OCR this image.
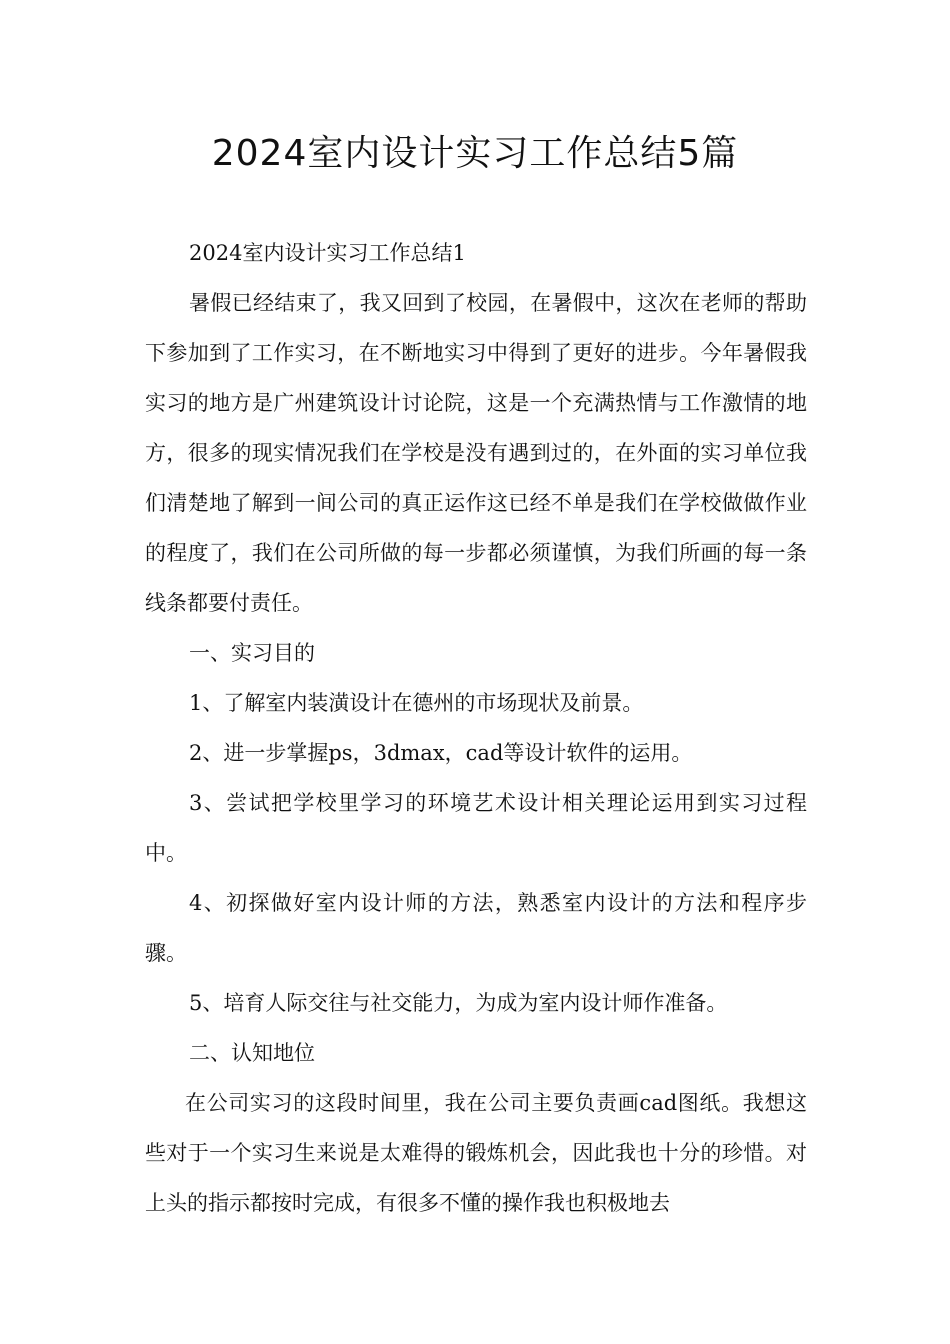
2024室内设计实习工作总结5篇

2024室内设计实习工作总结1

暑假已经结束了，我又回到了校园，在暑假中，这次在老师的帮助下参加到了工作实习，在不断地实习中得到了更好的进步。今年暑假我实习的地方是广州建筑设计讨论院，这是一个充满热情与工作激情的地方，很多的现实情况我们在学校是没有遇到过的，在外面的实习单位我们清楚地了解到一间公司的真正运作这已经不单是我们在学校做做作业的程度了，我们在公司所做的每一步都必须谨慎，为我们所画的每一条线条都要付责任。

一、实习目的

1、了解室内装潢设计在德州的市场现状及前景。

2、进一步掌握ps，3dmax，cad等设计软件的运用。

3、尝试把学校里学习的环境艺术设计相关理论运用到实习过程中。

4、初探做好室内设计师的方法，熟悉室内设计的方法和程序步骤。

5、培育人际交往与社交能力，为成为室内设计师作准备。

二、认知地位

在公司实习的这段时间里，我在公司主要负责画cad图纸。我想这些对于一个实习生来说是太难得的锻炼机会，因此我也十分的珍惜。对上头的指示都按时完成，有很多不懂的操作我也积极地去
